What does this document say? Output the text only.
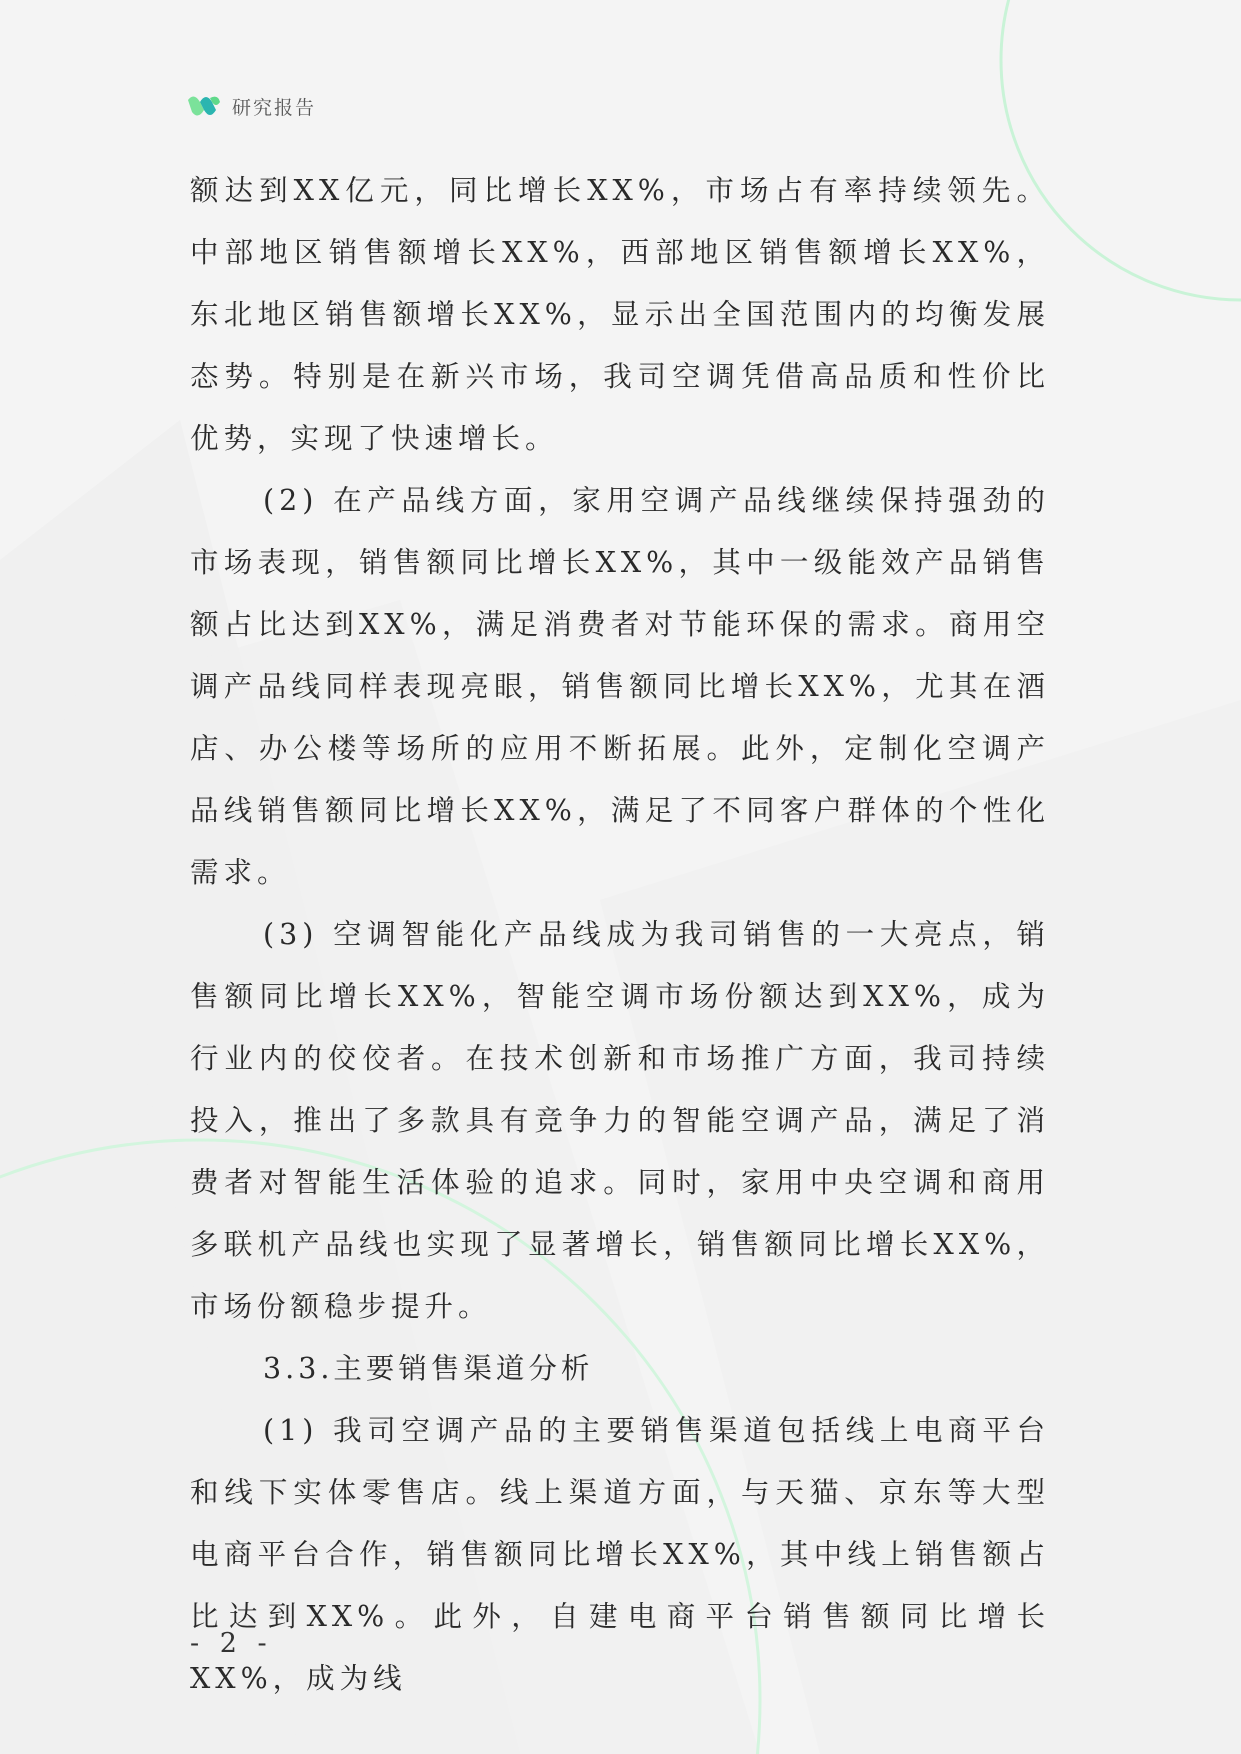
研究报告

额达到XX亿元，同比增长XX%，市场占有率持续领先。中部地区销售额增长XX%，西部地区销售额增长XX%，东北地区销售额增长XX%，显示出全国范围内的均衡发展态势。特别是在新兴市场，我司空调凭借高品质和性价比优势，实现了快速增长。

(2) 在产品线方面，家用空调产品线继续保持强劲的市场表现，销售额同比增长XX%，其中一级能效产品销售额占比达到XX%，满足消费者对节能环保的需求。商用空调产品线同样表现亮眼，销售额同比增长XX%，尤其在酒店、办公楼等场所的应用不断拓展。此外，定制化空调产品线销售额同比增长XX%，满足了不同客户群体的个性化需求。

(3) 空调智能化产品线成为我司销售的一大亮点，销售额同比增长XX%，智能空调市场份额达到XX%，成为行业内的佼佼者。在技术创新和市场推广方面，我司持续投入，推出了多款具有竞争力的智能空调产品，满足了消费者对智能生活体验的追求。同时，家用中央空调和商用多联机产品线也实现了显著增长，销售额同比增长XX%，市场份额稳步提升。

3.3.主要销售渠道分析

(1) 我司空调产品的主要销售渠道包括线上电商平台和线下实体零售店。线上渠道方面，与天猫、京东等大型电商平台合作，销售额同比增长XX%，其中线上销售额占比达到XX%。此外，自建电商平台销售额同比增长XX%，成为线

- 2 -
